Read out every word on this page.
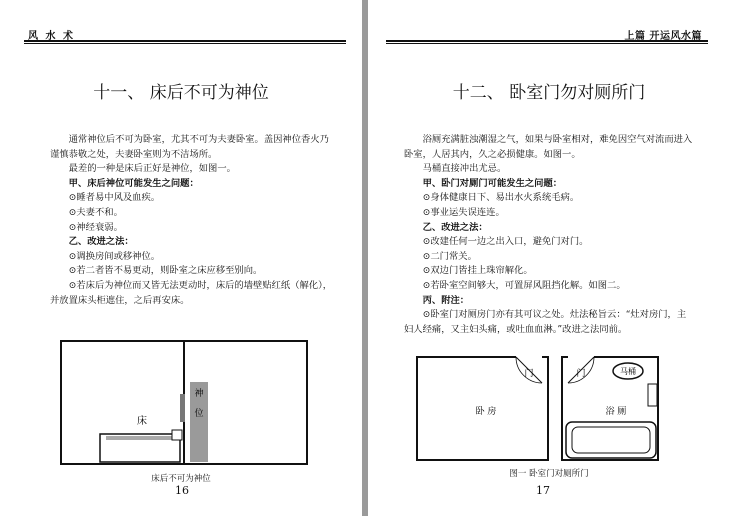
风 水 术
十一、 床后不可为神位

通常神位后不可为卧室，尤其不可为夫妻卧室。盖因神位香火乃谨慎恭敬之处，夫妻卧室则为不洁场所。

最差的一种是床后正好是神位，如图一。

甲、床后神位可能发生之问题：

⊙睡者易中风及血疾。

⊙夫妻不和。

⊙神经衰弱。

乙、改进之法：

⊙调换房间或移神位。

⊙若二者皆不易更动，则卧室之床应移至别向。

⊙若床后为神位而又皆无法更动时，床后的墙壁贴红纸（解化），并放置床头柜遮住，之后再安床。

神
位
床
床后不可为神位
16
上篇 开运风水篇
十二、 卧室门勿对厕所门

浴厕充满脏浊潮湿之气，如果与卧室相对，难免因空气对流而进入卧室，人居其内，久之必损健康。如图一。

马桶直接冲出尤忌。

甲、卧门对厕门可能发生之问题：

⊙身体健康日下、易出水火系统毛病。

⊙事业运失误连连。

乙、改进之法：

⊙改建任何一边之出入口，避免门对门。

⊙二门常关。

⊙双边门皆挂上珠帘解化。

⊙若卧室空间够大，可置屏风阻挡化解。如图二。

丙、附注：

⊙卧室门对厕房门亦有其可议之处。灶法秘旨云：“灶对房门，主妇人经痛，又主妇头痛，或吐血血淋。”改进之法同前。

门	门
卧 房	浴 厕
马桶
图一 卧室门对厕所门
17
